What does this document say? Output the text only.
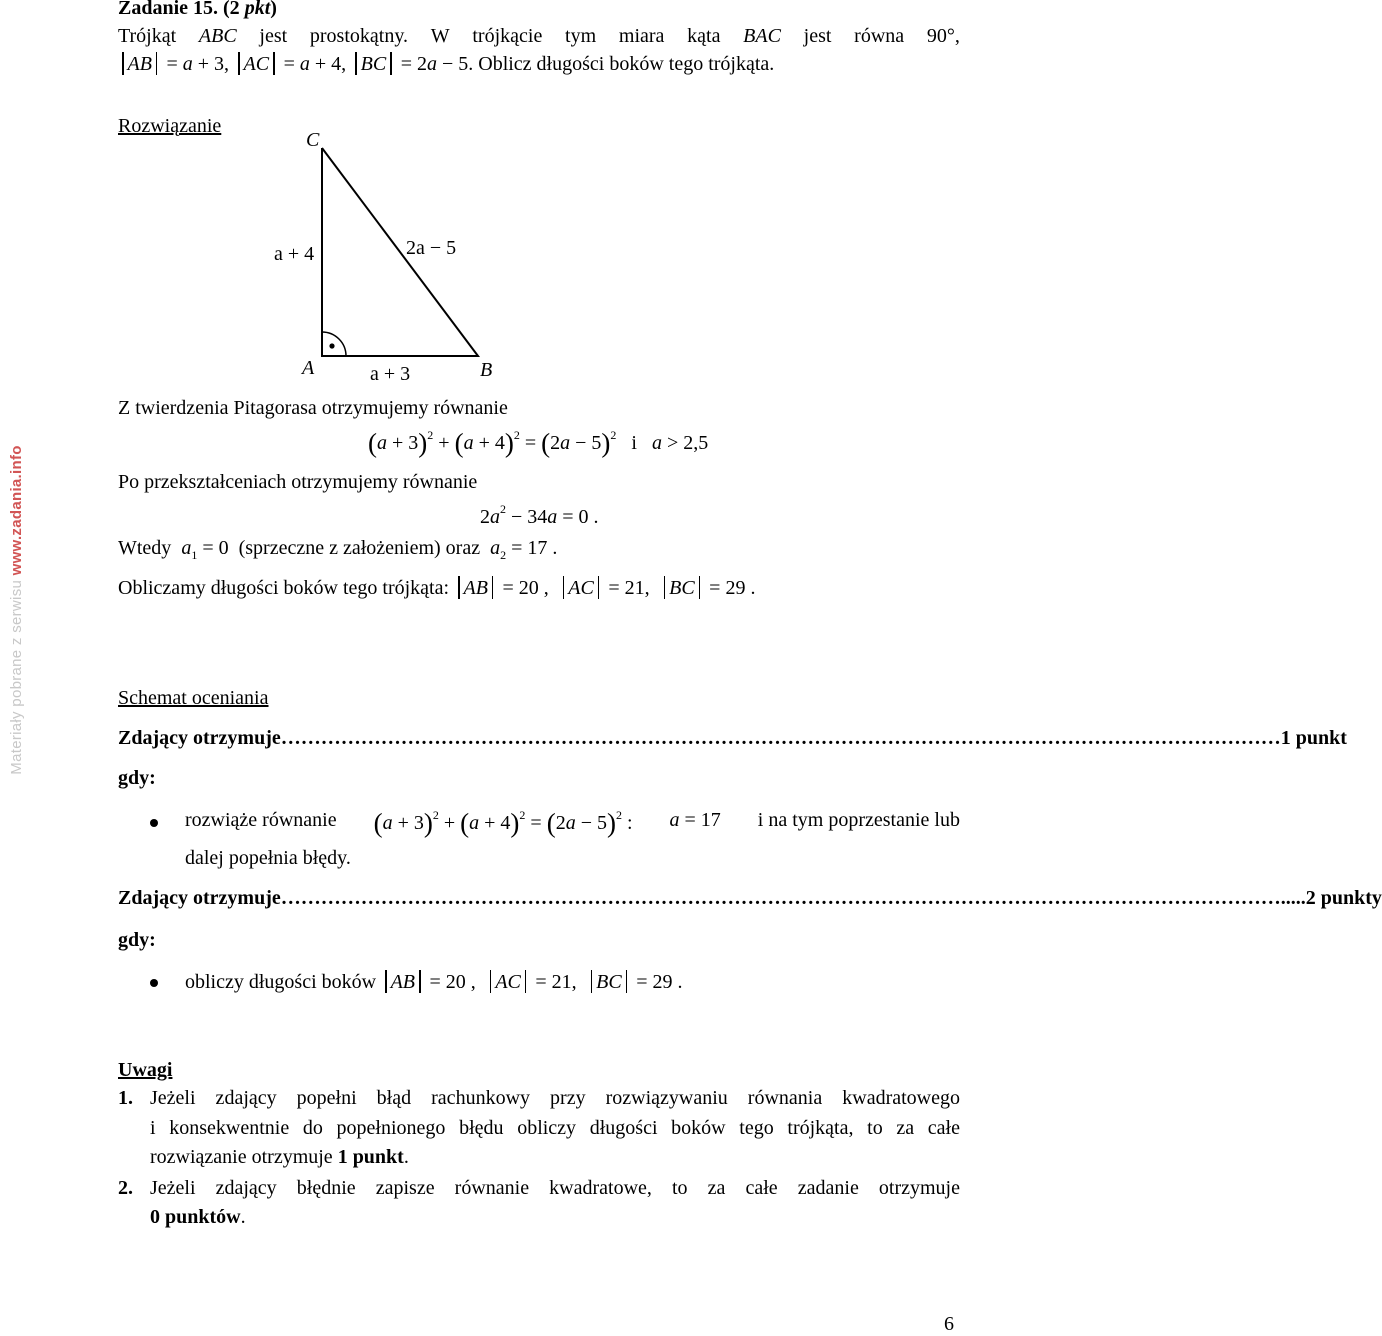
Materiały pobrane z serwisu www.zadania.info
Zadanie 15. (2 pkt)
Trójkąt ABC jest prostokątny. W trójkącie tym miara kąta BAC jest równa 90°,
AB = a + 3, AC = a + 4, BC = 2a − 5. Oblicz długości boków tego trójkąta.
Rozwiązanie
C
A	B
a + 4	2a − 5
a + 3
Z twierdzenia Pitagorasa otrzymujemy równanie
$(a + 3)^2 + (a + 4)^2 = (2a - 5)^2$   i   a > 2,5
Po przekształceniach otrzymujemy równanie
$2a^2 - 34a = 0$ .
Wtedy $a_1 = 0$  (sprzeczne z założeniem) oraz $a_2 = 17$ .
Obliczamy długości boków tego trójkąta: AB = 20 ,  AC = 21,  BC = 29 .
Schemat oceniania
Zdający otrzymuje …………………………………………………………………………………………………………………………………… 1 punkt
gdy:
rozwiąże równanie $(a + 3)^2 + (a + 4)^2 = (2a - 5)^2$ : a = 17 i na tym poprzestanie lub
dalej popełnia błędy.
Zdający otrzymuje ……………………………………………………………………………………………………………………………………..... 2 punkty
gdy:
obliczy długości boków AB = 20 ,  AC = 21,  BC = 29 .
Uwagi
1. Jeżeli zdający popełni błąd rachunkowy przy rozwiązywaniu równania kwadratowego
i konsekwentnie do popełnionego błędu obliczy długości boków tego trójkąta, to za całe
rozwiązanie otrzymuje 1 punkt.
2. Jeżeli zdający błędnie zapisze równanie kwadratowe, to za całe zadanie otrzymuje
0 punktów.
6
